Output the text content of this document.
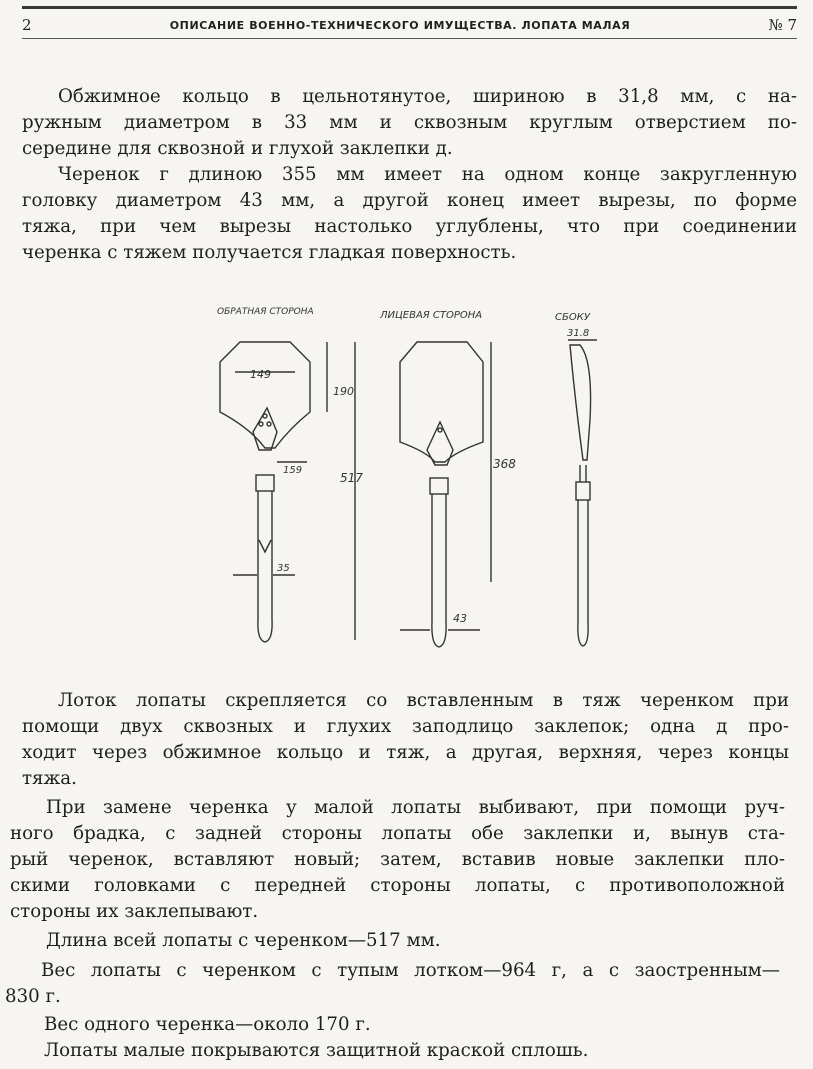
2	ОПИСАНИЕ ВОЕННО-ТЕХНИЧЕСКОГО ИМУЩЕСТВА. ЛОПАТА МАЛАЯ	№ 7
Обжимное кольцо в цельнотянутое, шириною в 31,8 мм, с на-
ружным диаметром в 33 мм и сквозным круглым отверстием по-
середине для сквозной и глухой заклепки д.
Черенок г длиною 355 мм имеет на одном конце закругленную
головку диаметром 43 мм, а другой конец имеет вырезы, по форме
тяжа, при чем вырезы настолько углублены, что при соединении
черенка с тяжем получается гладкая поверхность.
ОБРАТНАЯ СТОРОНА	ЛИЦЕВАЯ СТОРОНА	СБОКУ
149
190
159
517
35
368
43
31.8
Лоток лопаты скрепляется со вставленным в тяж черенком при
помощи двух сквозных и глухих заподлицо заклепок; одна д про-
ходит через обжимное кольцо и тяж, а другая, верхняя, через концы
тяжа.
При замене черенка у малой лопаты выбивают, при помощи руч-
ного брадка, с задней стороны лопаты обе заклепки и, вынув ста-
рый черенок, вставляют новый; затем, вставив новые заклепки пло-
скими головками с передней стороны лопаты, с противоположной
стороны их заклепывают.
Длина всей лопаты с черенком—517 мм.
Вес лопаты с черенком с тупым лотком—964 г, а с заостренным—
830 г.
Вес одного черенка—около 170 г.
Лопаты малые покрываются защитной краской сплошь.
